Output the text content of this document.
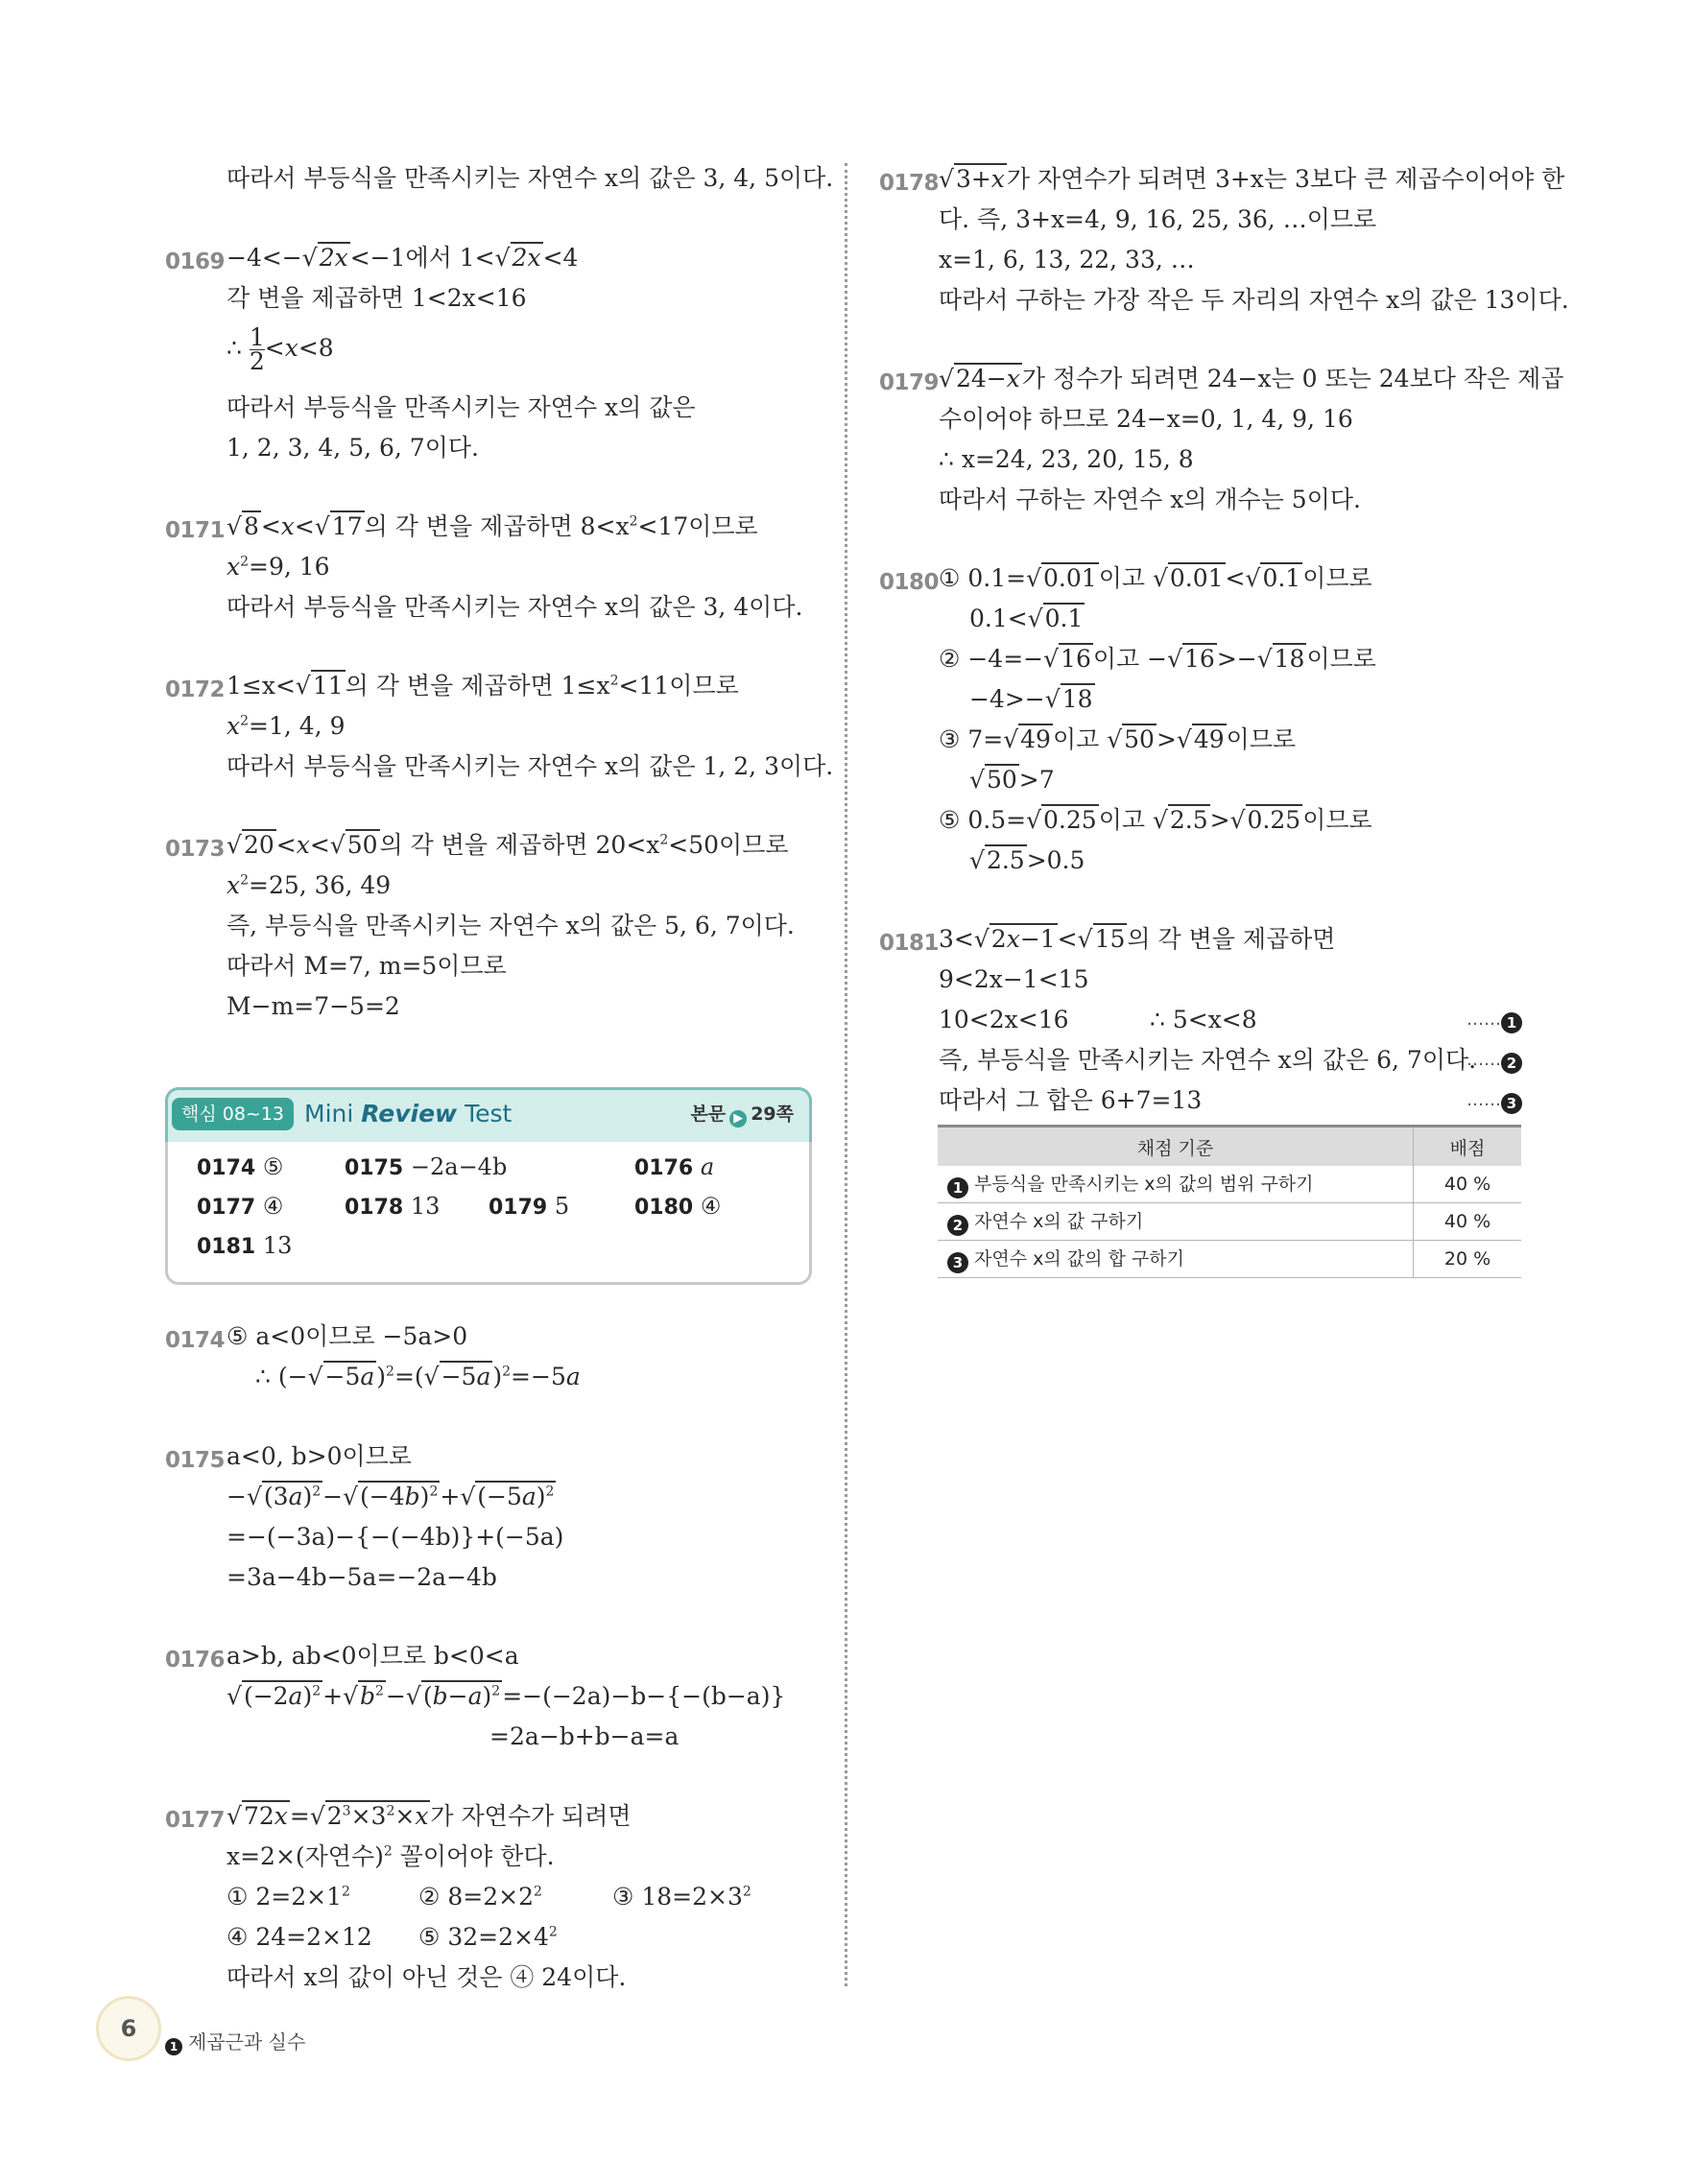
따라서 부등식을 만족시키는 자연수 x의 값은 3, 4, 5이다.
0169 −4<−√2x<−1에서 1<√2x<4
각 변을 제곱하면 1<2x<16
∴ $\frac{1}{2} <x<8$
따라서 부등식을 만족시키는 자연수 x의 값은
1, 2, 3, 4, 5, 6, 7이다.
0171 √8<x<√17의 각 변을 제곱하면 $8<x^2<17$이므로
$x^2=9$, 16
따라서 부등식을 만족시키는 자연수 x의 값은 3, 4이다.
0172 1≤x<√11의 각 변을 제곱하면 $1\le x^2<11$이므로
$x^2=1$, 4, 9
따라서 부등식을 만족시키는 자연수 x의 값은 1, 2, 3이다.
0173 √20<x<√50의 각 변을 제곱하면 $20<x^2<50$이므로
$x^2=25$, 36, 49
즉, 부등식을 만족시키는 자연수 x의 값은 5, 6, 7이다.
따라서 M=7, m=5이므로
M−m=7−5=2
핵심 08~13 Mini Review Test	본문 ▶ 29쪽
0174 ⑤	0175 −2a−4b	0176 a
0177 ④	0178 13 0179 5	0180 ④
0181 13
0174 ⑤ a<0이므로 −5a>0
∴ $(-√-5a)^2=(√-5a)^2=-5a$
0175 a<0, b>0이므로
$-√(3a)^2-√(-4b)^2+√(-5a)^2$
=−(−3a)−{−(−4b)}+(−5a)
=3a−4b−5a=−2a−4b
0176 a>b, ab<0이므로 b<0<a
$√(-2a)^2+√b^2-√(b-a)^2=-(-2a)-b-\{-(b-a)\}$
=2a−b+b−a=a
0177 $√72x=√2^3\times 3^2\times x$가 자연수가 되려면
x=2×(자연수)$^2$ 꼴이어야 한다.
① $2=2\times 1^2$	② $8=2\times 2^2$	③ $18=2\times 3^2$
④ 24=2×12 ⑤ $32=2\times 4^2$
따라서 x의 값이 아닌 것은 ④ 24이다.
6
1 제곱근과 실수
0178 √3+x가 자연수가 되려면 3+x는 3보다 큰 제곱수이어야 한
다. 즉, 3+x=4, 9, 16, 25, 36, …이므로
x=1, 6, 13, 22, 33, …
따라서 구하는 가장 작은 두 자리의 자연수 x의 값은 13이다.
0179 √24−x가 정수가 되려면 24−x는 0 또는 24보다 작은 제곱
수이어야 하므로 24−x=0, 1, 4, 9, 16
∴ x=24, 23, 20, 15, 8
따라서 구하는 자연수 x의 개수는 5이다.
0180 ① 0.1=√0.01이고 √0.01<√0.1이므로
0.1<√0.1
② −4=−√16이고 −√16>−√18이므로
−4>−√18
③ 7=√49이고 √50>√49이므로
√50>7
⑤ 0.5=√0.25이고 √2.5>√0.25이므로
√2.5>0.5
0181 3<√2x−1<√15의 각 변을 제곱하면
9<2x−1<15
10<2x<16	∴ 5<x<8
즉, 부등식을 만족시키는 자연수 x의 값은 6, 7이다.
따라서 그 합은 6+7=13
…… 1
…… 2
…… 3
채점 기준	배점
1 부등식을 만족시키는 x의 값의 범위 구하기	40 %
2 자연수 x의 값 구하기	40 %
3 자연수 x의 값의 합 구하기	20 %
